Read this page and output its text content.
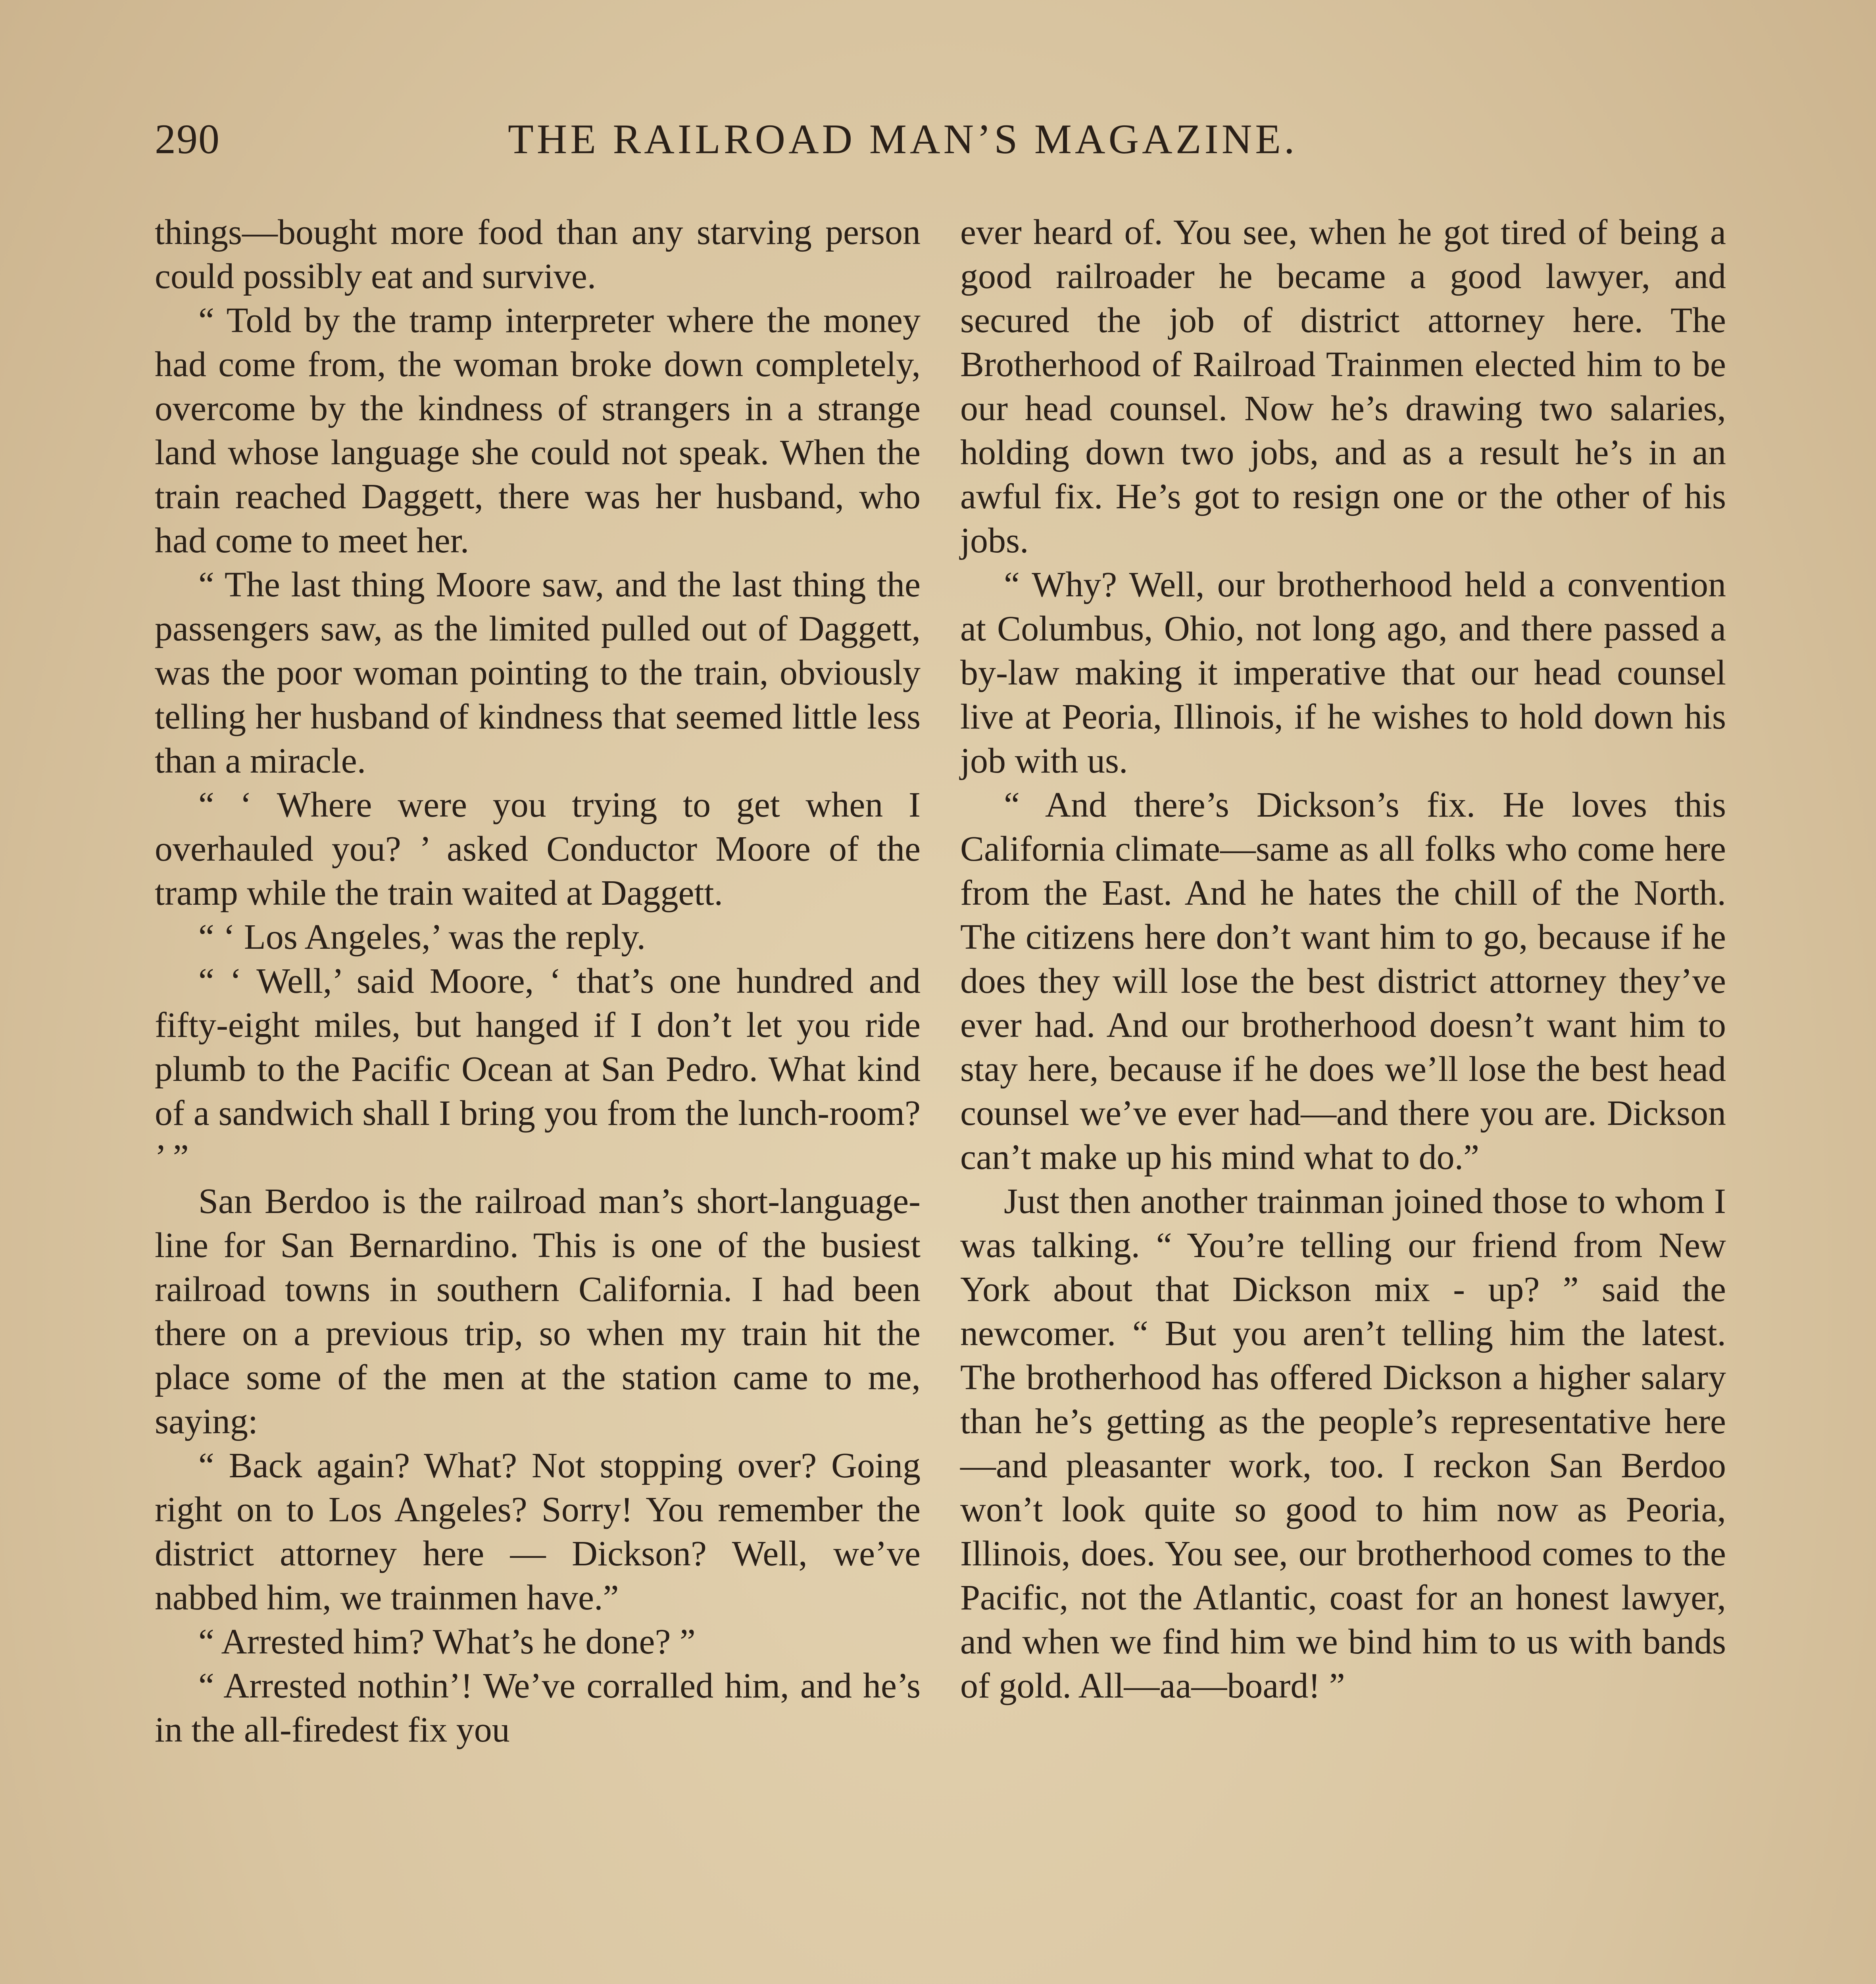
290	THE RAILROAD MAN’S MAGAZINE.

things—bought more food than any starving person could possibly eat and survive.

“ Told by the tramp interpreter where the money had come from, the woman broke down completely, overcome by the kindness of strangers in a strange land whose language she could not speak. When the train reached Daggett, there was her husband, who had come to meet her.

“ The last thing Moore saw, and the last thing the passengers saw, as the limited pulled out of Daggett, was the poor woman pointing to the train, obviously telling her husband of kindness that seemed little less than a miracle.

“ ‘ Where were you trying to get when I overhauled you? ’ asked Conductor Moore of the tramp while the train waited at Daggett.

“ ‘ Los Angeles,’ was the reply.

“ ‘ Well,’ said Moore, ‘ that’s one hundred and fifty-eight miles, but hanged if I don’t let you ride plumb to the Pacific Ocean at San Pedro. What kind of a sandwich shall I bring you from the lunch-room? ’ ”

San Berdoo is the railroad man’s short-language-line for San Bernardino. This is one of the busiest railroad towns in southern California. I had been there on a previous trip, so when my train hit the place some of the men at the station came to me, saying:

“ Back again? What? Not stopping over? Going right on to Los Angeles? Sorry! You remember the district attorney here — Dickson? Well, we’ve nabbed him, we trainmen have.”

“ Arrested him? What’s he done? ”

“ Arrested nothin’! We’ve corralled him, and he’s in the all-firedest fix you

ever heard of. You see, when he got tired of being a good railroader he became a good lawyer, and secured the job of district attorney here. The Brotherhood of Railroad Trainmen elected him to be our head counsel. Now he’s drawing two salaries, holding down two jobs, and as a result he’s in an awful fix. He’s got to resign one or the other of his jobs.

“ Why? Well, our brotherhood held a convention at Columbus, Ohio, not long ago, and there passed a by-law making it imperative that our head counsel live at Peoria, Illinois, if he wishes to hold down his job with us.

“ And there’s Dickson’s fix. He loves this California climate—same as all folks who come here from the East. And he hates the chill of the North. The citizens here don’t want him to go, because if he does they will lose the best district attorney they’ve ever had. And our brotherhood doesn’t want him to stay here, because if he does we’ll lose the best head counsel we’ve ever had—and there you are. Dickson can’t make up his mind what to do.”

Just then another trainman joined those to whom I was talking. “ You’re telling our friend from New York about that Dickson mix - up? ” said the newcomer. “ But you aren’t telling him the latest. The brotherhood has offered Dickson a higher salary than he’s getting as the people’s representative here—and pleasanter work, too. I reckon San Berdoo won’t look quite so good to him now as Peoria, Illinois, does. You see, our brotherhood comes to the Pacific, not the Atlantic, coast for an honest lawyer, and when we find him we bind him to us with bands of gold. All—aa—board! ”
